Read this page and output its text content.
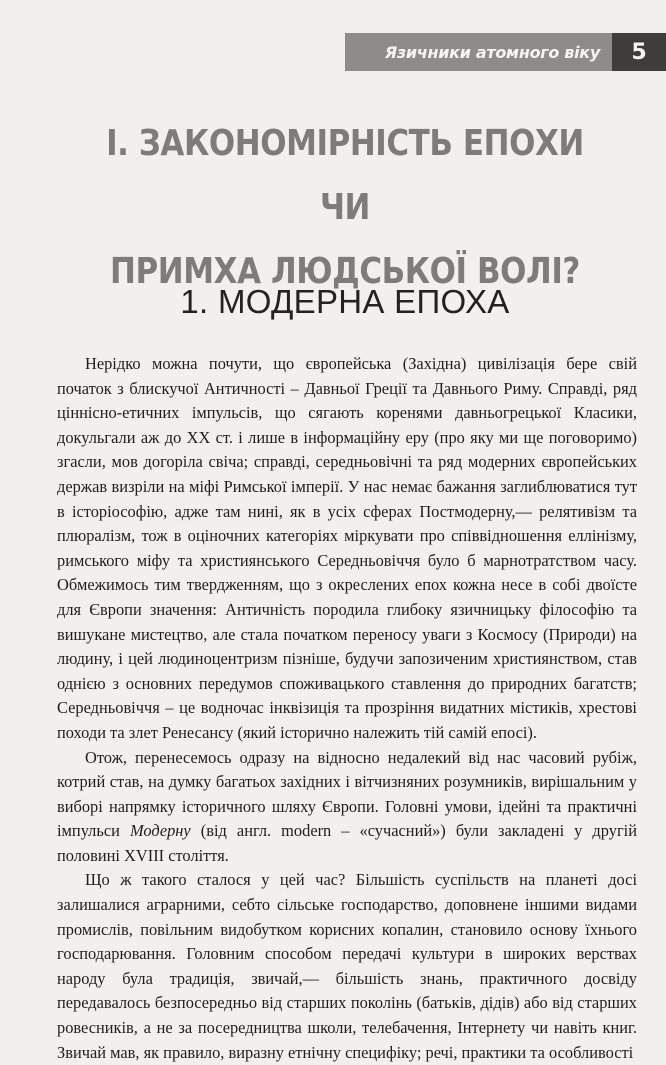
Язичники атомного віку	5
І. ЗАКОНОМІРНІСТЬ ЕПОХИ ЧИ
ПРИМХА ЛЮДСЬКОЇ ВОЛІ?
1. МОДЕРНА ЕПОХА

Нерідко можна почути, що європейська (Західна) цивілізація бере свій початок з блискучої Античності – Давньої Греції та Давнього Риму. Справді, ряд ціннісно-етичних імпульсів, що сягають коренями давньогрецької Класики, докульгали аж до XX ст. і лише в інформаційну еру (про яку ми ще поговоримо) згасли, мов догоріла свіча; справді, середньовічні та ряд модерних європейських держав визріли на міфі Римської імперії. У нас немає бажання заглиблюватися тут в історіософію, адже там нині, як в усіх сферах Постмодерну,— релятивізм та плюралізм, тож в оціночних категоріях міркувати про співвідношення еллінізму, римського міфу та християнського Середньовіччя було б марнотратством часу. Обмежимось тим твердженням, що з окреслених епох кожна несе в собі двоїсте для Європи значення: Античність породила глибоку язичницьку філософію та вишукане мистецтво, але стала початком переносу уваги з Космосу (Природи) на людину, і цей людиноцентризм пізніше, будучи запозиченим християнством, став однією з основних передумов споживацького ставлення до природних багатств; Середньовіччя – це водночас інквізиція та прозріння видатних містиків, хрестові походи та злет Ренесансу (який історично належить тій самій епосі).

Отож, перенесемось одразу на відносно недалекий від нас часовий рубіж, котрий став, на думку багатьох західних і вітчизняних розумників, вирішальним у виборі напрямку історичного шляху Європи. Головні умови, ідейні та практичні імпульси Модерну (від англ. modern – «сучасний») були закладені у другій половині XVIII століття.

Що ж такого сталося у цей час? Більшість суспільств на планеті досі залишалися аграрними, себто сільське господарство, доповнене іншими видами промислів, повільним видобутком корисних копалин, становило основу їхнього господарювання. Головним способом передачі культури в широких верствах народу була традиція, звичай,— більшість знань, практичного досвіду передавалось безпосередньо від старших поколінь (батьків, дідів) або від старших ровесників, а не за посередництва школи, телебачення, Інтернету чи навіть книг. Звичай мав, як правило, виразну етнічну специфіку; речі, практики та особливості
